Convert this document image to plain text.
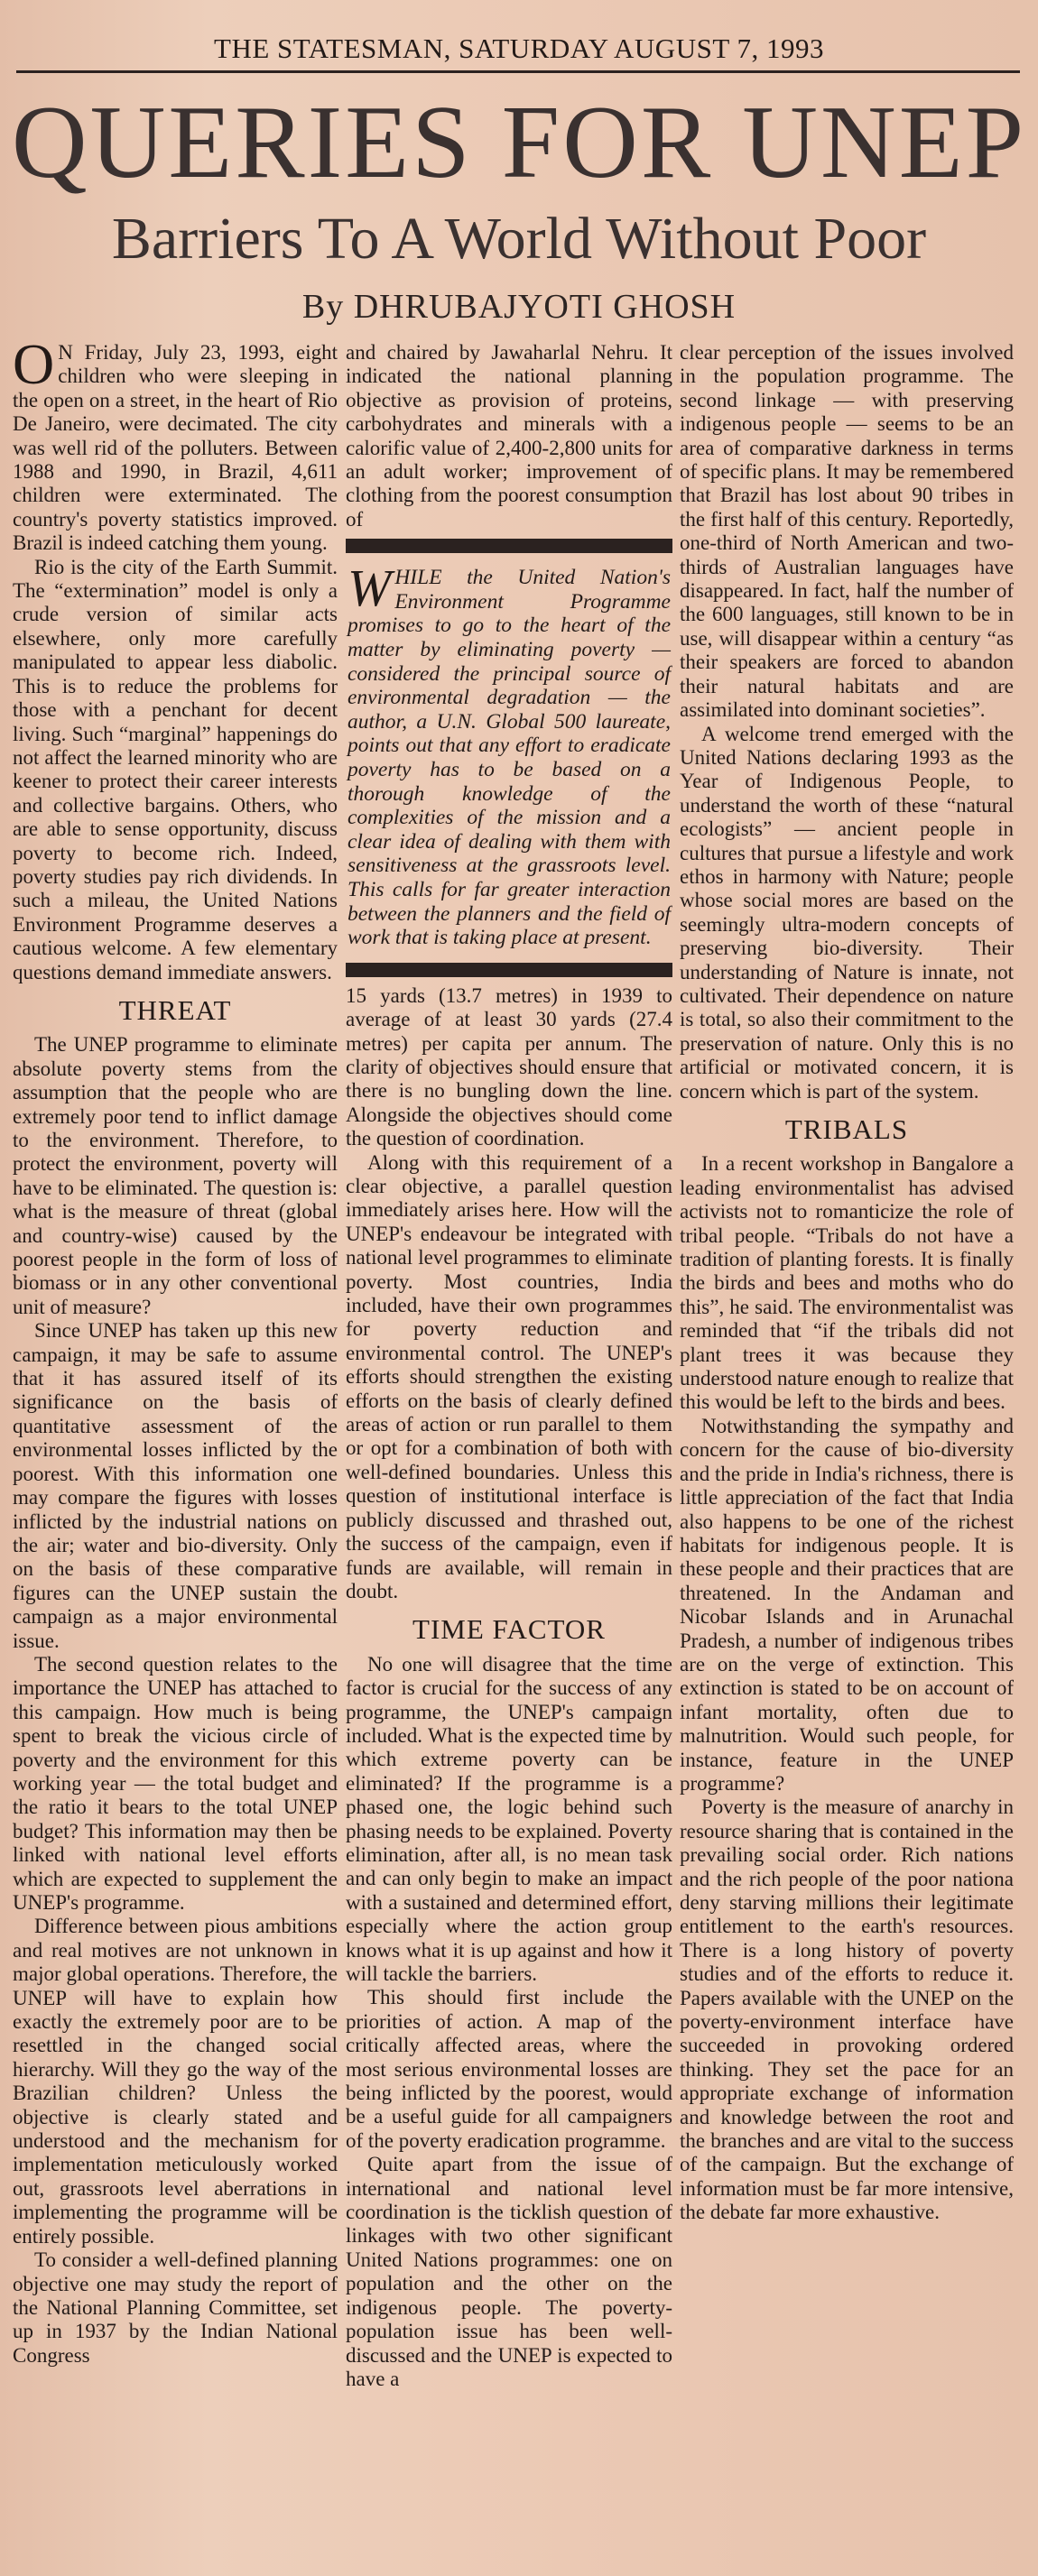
THE STATESMAN, SATURDAY AUGUST 7, 1993
QUERIES FOR UNEP
Barriers To A World Without Poor
By DHRUBAJYOTI GHOSH

O N Friday, July 23, 1993, eight children who were sleeping in the open on a street, in the heart of Rio De Janeiro, were decimated. The city was well rid of the polluters. Between 1988 and 1990, in Brazil, 4,611 children were exterminated. The country's poverty statistics improved. Brazil is indeed catching them young.

Rio is the city of the Earth Summit. The “extermination” model is only a crude version of similar acts elsewhere, only more carefully manipulated to appear less diabolic. This is to reduce the problems for those with a penchant for decent living. Such “marginal” happenings do not affect the learned minority who are keener to protect their career interests and collective bargains. Others, who are able to sense opportunity, discuss poverty to become rich. Indeed, poverty studies pay rich dividends. In such a mileau, the United Nations Environment Programme deserves a cautious welcome. A few elementary questions demand immediate answers.

THREAT

The UNEP programme to eliminate absolute poverty stems from the assumption that the people who are extremely poor tend to inflict damage to the environment. Therefore, to protect the environment, poverty will have to be eliminated. The question is: what is the measure of threat (global and country-wise) caused by the poorest people in the form of loss of biomass or in any other conventional unit of measure?

Since UNEP has taken up this new campaign, it may be safe to assume that it has assured itself of its significance on the basis of quantitative assessment of the environmental losses inflicted by the poorest. With this information one may compare the figures with losses inflicted by the industrial nations on the air; water and bio-diversity. Only on the basis of these comparative figures can the UNEP sustain the campaign as a major environmental issue.

The second question relates to the importance the UNEP has attached to this campaign. How much is being spent to break the vicious circle of poverty and the environment for this working year — the total budget and the ratio it bears to the total UNEP budget? This information may then be linked with national level efforts which are expected to supplement the UNEP's programme.

Difference between pious ambitions and real motives are not unknown in major global operations. Therefore, the UNEP will have to explain how exactly the extremely poor are to be resettled in the changed social hierarchy. Will they go the way of the Brazilian children? Unless the objective is clearly stated and understood and the mechanism for implementation meticulously worked out, grassroots level aberrations in implementing the programme will be entirely possible.

To consider a well-defined planning objective one may study the report of the National Planning Committee, set up in 1937 by the Indian National Congress

and chaired by Jawaharlal Nehru. It indicated the national planning objective as provision of proteins, carbohydrates and minerals with a calorific value of 2,400-2,800 units for an adult worker; improvement of clothing from the poorest consumption of

WHILE the United Nation's Environment Programme promises to go to the heart of the matter by eliminating poverty — considered the principal source of environmental degradation — the author, a U.N. Global 500 laureate, points out that any effort to eradicate poverty has to be based on a thorough knowledge of the complexities of the mission and a clear idea of dealing with them with sensitiveness at the grassroots level. This calls for far greater interaction between the planners and the field of work that is taking place at present.

15 yards (13.7 metres) in 1939 to average of at least 30 yards (27.4 metres) per capita per annum. The clarity of objectives should ensure that there is no bungling down the line. Alongside the objectives should come the question of coordination.

Along with this requirement of a clear objective, a parallel question immediately arises here. How will the UNEP's endeavour be integrated with national level programmes to eliminate poverty. Most countries, India included, have their own programmes for poverty reduction and environmental control. The UNEP's efforts should strengthen the existing efforts on the basis of clearly defined areas of action or run parallel to them or opt for a combination of both with well-defined boundaries. Unless this question of institutional interface is publicly discussed and thrashed out, the success of the campaign, even if funds are available, will remain in doubt.

TIME FACTOR

No one will disagree that the time factor is crucial for the success of any programme, the UNEP's campaign included. What is the expected time by which extreme poverty can be eliminated? If the programme is a phased one, the logic behind such phasing needs to be explained. Poverty elimination, after all, is no mean task and can only begin to make an impact with a sustained and determined effort, especially where the action group knows what it is up against and how it will tackle the barriers.

This should first include the priorities of action. A map of the critically affected areas, where the most serious environmental losses are being inflicted by the poorest, would be a useful guide for all campaigners of the poverty eradication programme.

Quite apart from the issue of international and national level coordination is the ticklish question of linkages with two other significant United Nations programmes: one on population and the other on the indigenous people. The poverty-population issue has been well-discussed and the UNEP is expected to have a

clear perception of the issues involved in the population programme. The second linkage — with preserving indigenous people — seems to be an area of comparative darkness in terms of specific plans. It may be remembered that Brazil has lost about 90 tribes in the first half of this century. Reportedly, one-third of North American and two-thirds of Australian languages have disappeared. In fact, half the number of the 600 languages, still known to be in use, will disappear within a century “as their speakers are forced to abandon their natural habitats and are assimilated into dominant societies”.

A welcome trend emerged with the United Nations declaring 1993 as the Year of Indigenous People, to understand the worth of these “natural ecologists” — ancient people in cultures that pursue a lifestyle and work ethos in harmony with Nature; people whose social mores are based on the seemingly ultra-modern concepts of preserving bio-diversity. Their understanding of Nature is innate, not cultivated. Their dependence on nature is total, so also their commitment to the preservation of nature. Only this is no artificial or motivated concern, it is concern which is part of the system.

TRIBALS

In a recent workshop in Bangalore a leading environmentalist has advised activists not to romanticize the role of tribal people. “Tribals do not have a tradition of planting forests. It is finally the birds and bees and moths who do this”, he said. The environmentalist was reminded that “if the tribals did not plant trees it was because they understood nature enough to realize that this would be left to the birds and bees.

Notwithstanding the sympathy and concern for the cause of bio-diversity and the pride in India's richness, there is little appreciation of the fact that India also happens to be one of the richest habitats for indigenous people. It is these people and their practices that are threatened. In the Andaman and Nicobar Islands and in Arunachal Pradesh, a number of indigenous tribes are on the verge of extinction. This extinction is stated to be on account of infant mortality, often due to malnutrition. Would such people, for instance, feature in the UNEP programme?

Poverty is the measure of anarchy in resource sharing that is contained in the prevailing social order. Rich nations and the rich people of the poor nationa deny starving millions their legitimate entitlement to the earth's resources. There is a long history of poverty studies and of the efforts to reduce it. Papers available with the UNEP on the poverty-environment interface have succeeded in provoking ordered thinking. They set the pace for an appropriate exchange of information and knowledge between the root and the branches and are vital to the success of the campaign. But the exchange of information must be far more intensive, the debate far more exhaustive.
